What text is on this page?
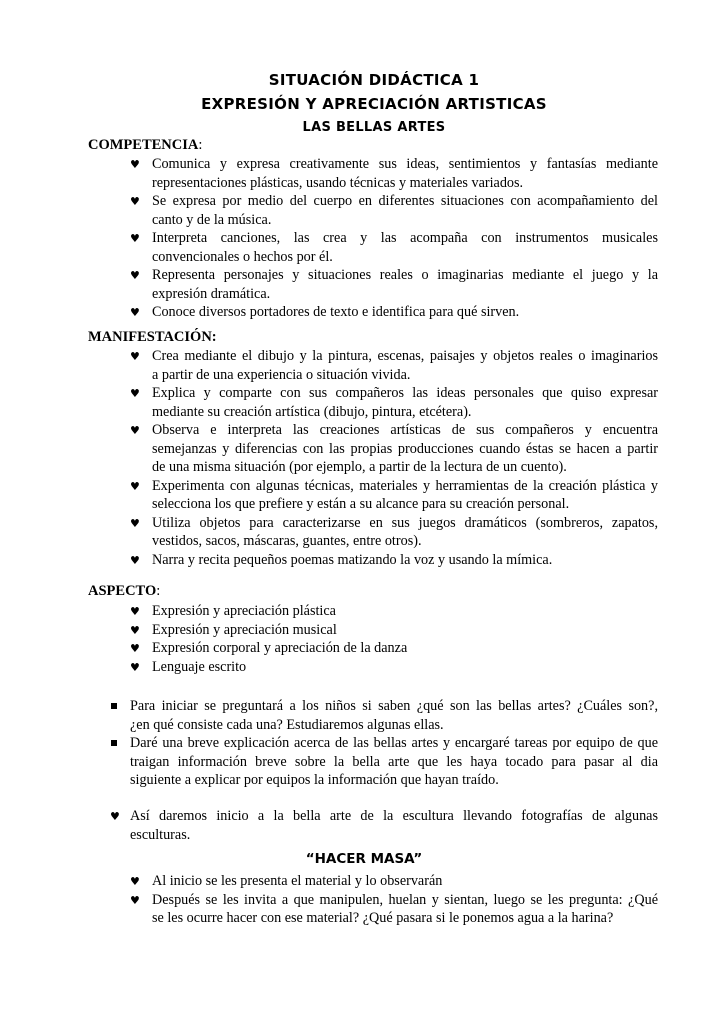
SITUACIÓN DIDÁCTICA 1
EXPRESIÓN Y APRECIACIÓN ARTISTICAS
LAS BELLAS ARTES
COMPETENCIA:
♥ Comunica y expresa creativamente sus ideas, sentimientos y fantasías mediante
representaciones plásticas, usando técnicas y materiales variados.
♥ Se expresa por medio del cuerpo en diferentes situaciones con acompañamiento del
canto y de la música.
♥ Interpreta canciones, las crea y las acompaña con instrumentos musicales
convencionales o hechos por él.
♥ Representa personajes y situaciones reales o imaginarias mediante el juego y la
expresión dramática.
♥ Conoce diversos portadores de texto e identifica para qué sirven.
MANIFESTACIÓN:
♥ Crea mediante el dibujo y la pintura, escenas, paisajes y objetos reales o imaginarios
a partir de una experiencia o situación vivida.
♥ Explica y comparte con sus compañeros las ideas personales que quiso expresar
mediante su creación artística (dibujo, pintura, etcétera).
♥ Observa e interpreta las creaciones artísticas de sus compañeros y encuentra
semejanzas y diferencias con las propias producciones cuando éstas se hacen a partir
de una misma situación (por ejemplo, a partir de la lectura de un cuento).
♥ Experimenta con algunas técnicas, materiales y herramientas de la creación plástica y
selecciona los que prefiere y están a su alcance para su creación personal.
♥ Utiliza objetos para caracterizarse en sus juegos dramáticos (sombreros, zapatos,
vestidos, sacos, máscaras, guantes, entre otros).
♥ Narra y recita pequeños poemas matizando la voz y usando la mímica.
ASPECTO:
♥ Expresión y apreciación plástica
♥ Expresión y apreciación musical
♥ Expresión corporal y apreciación de la danza
♥ Lenguaje escrito
Para iniciar se preguntará a los niños si saben ¿qué son las bellas artes? ¿Cuáles son?,
¿en qué consiste cada una? Estudiaremos algunas ellas.
Daré una breve explicación acerca de las bellas artes y encargaré tareas por equipo de que
traigan información breve sobre la bella arte que les haya tocado para pasar al dia
siguiente a explicar por equipos la información que hayan traído.
♥ Así daremos inicio a la bella arte de la escultura llevando fotografías de algunas
esculturas.
“HACER MASA”
♥ Al inicio se les presenta el material y lo observarán
♥ Después se les invita a que manipulen, huelan y sientan, luego se les pregunta: ¿Qué
se les ocurre hacer con ese material? ¿Qué pasara si le ponemos agua a la harina?
